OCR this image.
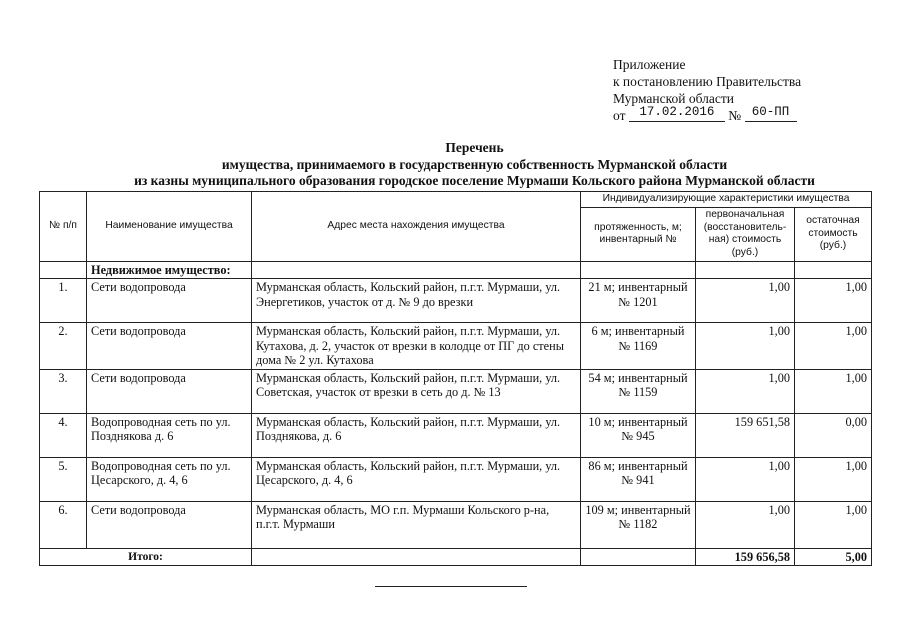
Приложение
к постановлению Правительства
Мурманской области
от 17.02.2016 № 60-ПП
Перечень
имущества, принимаемого в государственную собственность Мурманской области
из казны муниципального образования городское поселение Мурмаши Кольского района Мурманской области
№ п/п	Наименование имущества	Адрес места нахождения имущества	Индивидуализирующие характеристики имущества		
			протяженность, м; инвентарный №	первоначальная (восстановитель-ная) стоимость (руб.)	остаточная стоимость (руб.)
	Недвижимое имущество:				
1.	Сети водопровода	Мурманская область, Кольский район, п.г.т. Мурмаши, ул. Энергетиков, участок от д. № 9 до врезки	21 м; инвентарный № 1201	1,00	1,00
2.	Сети водопровода	Мурманская область, Кольский район, п.г.т. Мурмаши, ул. Кутахова, д. 2, участок от врезки в колодце от ПГ до стены дома № 2 ул. Кутахова	6 м; инвентарный № 1169	1,00	1,00
3.	Сети водопровода	Мурманская область, Кольский район, п.г.т. Мурмаши, ул. Советская, участок от врезки в сеть до д. № 13	54 м; инвентарный № 1159	1,00	1,00
4.	Водопроводная сеть по ул. Позднякова д. 6	Мурманская область, Кольский район, п.г.т. Мурмаши, ул. Позднякова, д. 6	10 м; инвентарный № 945	159 651,58	0,00
5.	Водопроводная сеть по ул. Цесарского, д. 4, 6	Мурманская область, Кольский район, п.г.т. Мурмаши, ул. Цесарского, д. 4, 6	86 м; инвентарный № 941	1,00	1,00
6.	Сети водопровода	Мурманская область, МО г.п. Мурмаши Кольского р-на, п.г.т. Мурмаши	109 м; инвентарный № 1182	1,00	1,00
Итого:				159 656,58	5,00
